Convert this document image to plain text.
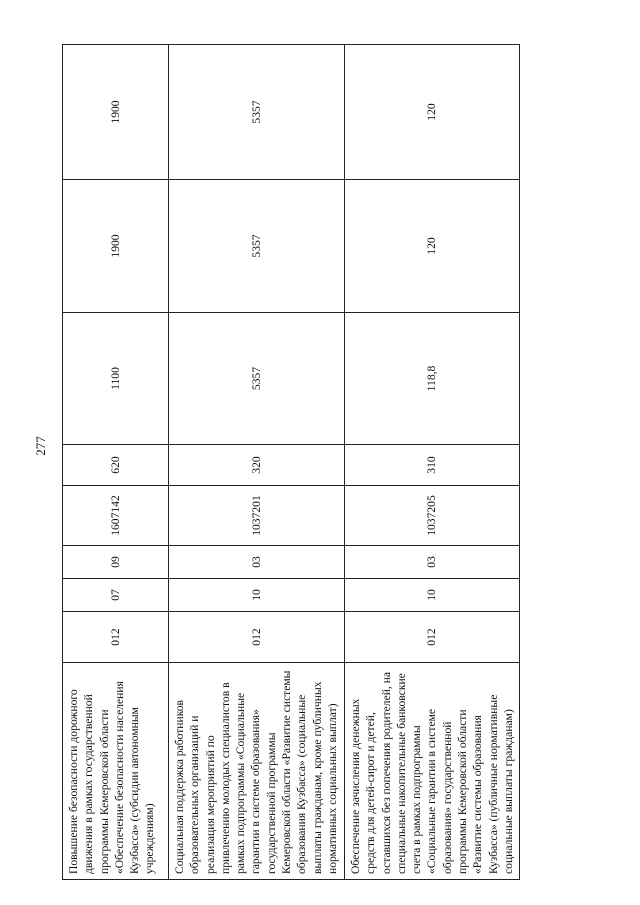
277
Повышение безопасности дорожного движения в рамках государственной программы Кемеровской области «Обеспечение безопасности населения Кузбасса» (субсидии автономным учреждениям)	012	07	09	1607142	620	1100	1900	1900
Социальная поддержка работников образовательных организаций и реализация мероприятий по привлечению молодых специалистов в рамках подпрограммы «Социальные гарантии в системе образования» государственной программы Кемеровской области «Развитие системы образования Кузбасса» (социальные выплаты гражданам, кроме публичных нормативных социальных выплат)	012	10	03	1037201	320	5357	5357	5357
Обеспечение зачисления денежных средств для детей-сирот и детей, оставшихся без попечения родителей, на специальные накопительные банковские счета в рамках подпрограммы «Социальные гарантии в системе образования» государственной программы Кемеровской области «Развитие системы образования Кузбасса» (публичные нормативные социальные выплаты гражданам)	012	10	03	1037205	310	118,8	120	120
